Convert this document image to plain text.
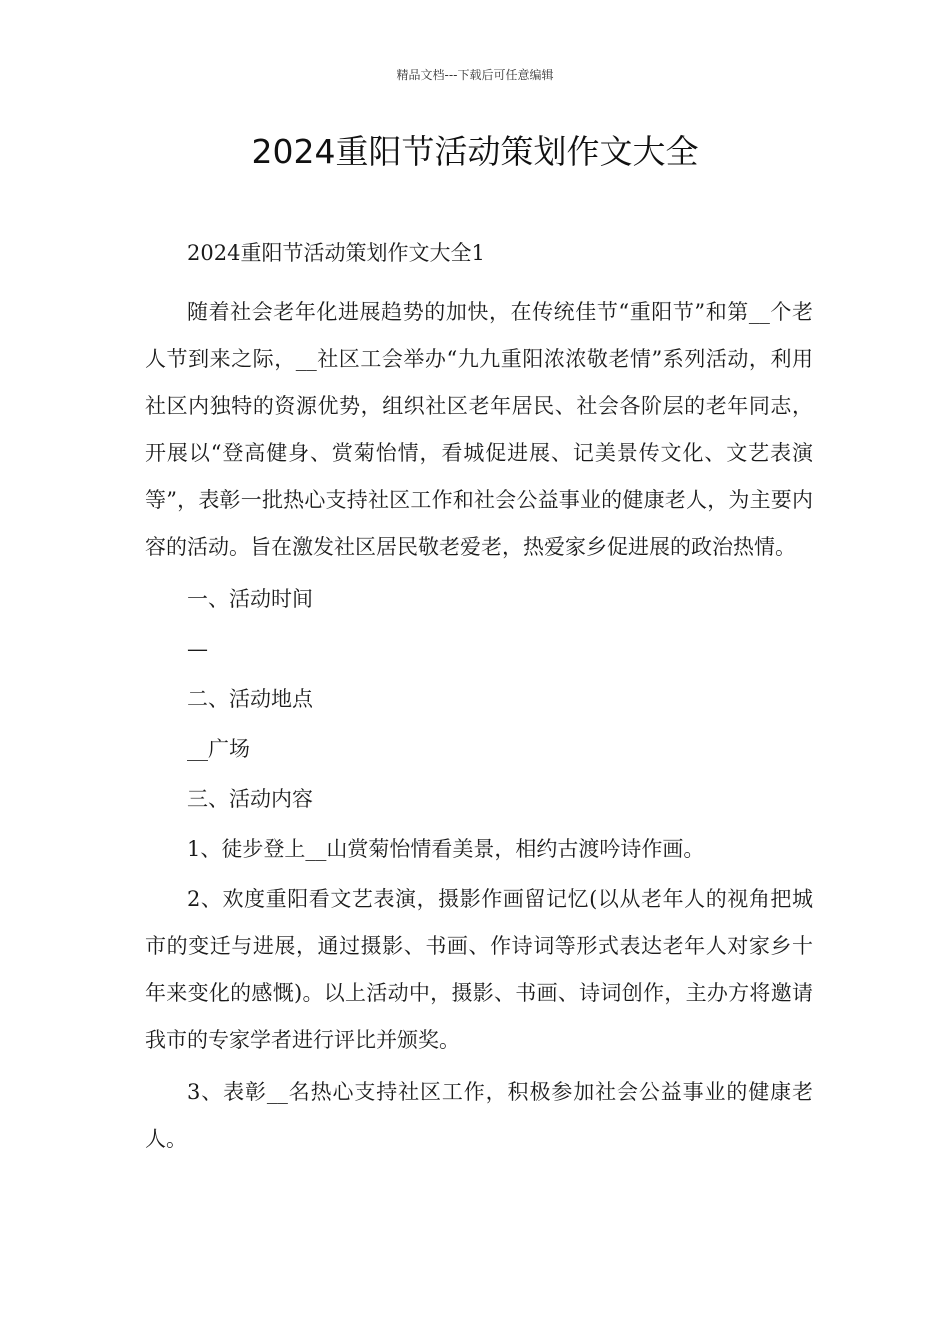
精品文档---下载后可任意编辑
2024重阳节活动策划作文大全

2024重阳节活动策划作文大全1

随着社会老年化进展趋势的加快，在传统佳节“重阳节”和第__个老人节到来之际，__社区工会举办“九九重阳浓浓敬老情”系列活动，利用社区内独特的资源优势，组织社区老年居民、社会各阶层的老年同志，开展以“登高健身、赏菊怡情，看城促进展、记美景传文化、文艺表演等”，表彰一批热心支持社区工作和社会公益事业的健康老人，为主要内容的活动。旨在激发社区居民敬老爱老，热爱家乡促进展的政治热情。

一、活动时间

—

二、活动地点

__广场

三、活动内容

1、徒步登上__山赏菊怡情看美景，相约古渡吟诗作画。

2、欢度重阳看文艺表演，摄影作画留记忆(以从老年人的视角把城市的变迁与进展，通过摄影、书画、作诗词等形式表达老年人对家乡十年来变化的感慨)。以上活动中，摄影、书画、诗词创作，主办方将邀请我市的专家学者进行评比并颁奖。

3、表彰__名热心支持社区工作，积极参加社会公益事业的健康老人。
